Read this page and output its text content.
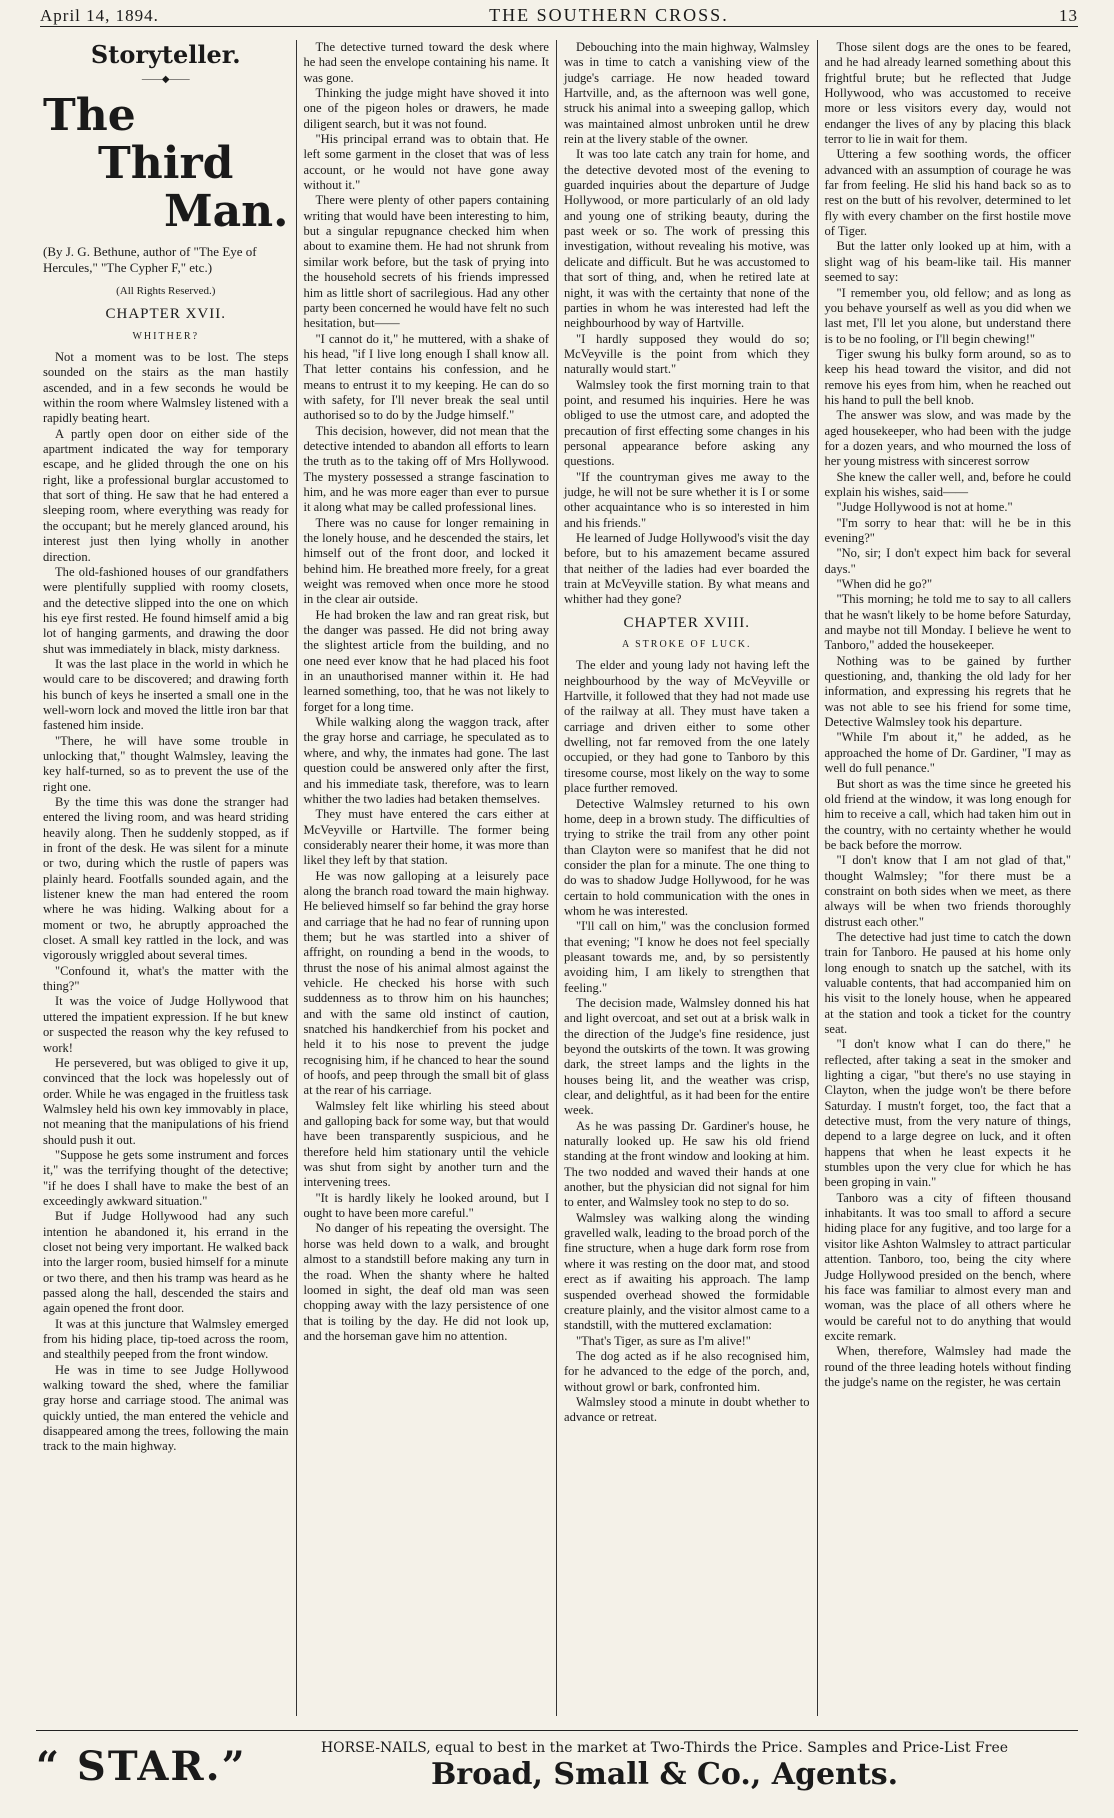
April 14, 1894.	THE SOUTHERN CROSS.	13
Storyteller.
——◆——
The
Third
Man.

(By J. G. Bethune, author of "The Eye of Hercules," "The Cypher F," etc.)

(All Rights Reserved.)
CHAPTER XVII.
WHITHER?

Not a moment was to be lost. The steps sounded on the stairs as the man hastily ascended, and in a few seconds he would be within the room where Walmsley listened with a rapidly beating heart.

A partly open door on either side of the apartment indicated the way for temporary escape, and he glided through the one on his right, like a professional burglar accustomed to that sort of thing. He saw that he had entered a sleeping room, where everything was ready for the occupant; but he merely glanced around, his interest just then lying wholly in another direction.

The old-fashioned houses of our grandfathers were plentifully supplied with roomy closets, and the detective slipped into the one on which his eye first rested. He found himself amid a big lot of hanging garments, and drawing the door shut was immediately in black, misty darkness.

It was the last place in the world in which he would care to be discovered; and drawing forth his bunch of keys he inserted a small one in the well-worn lock and moved the little iron bar that fastened him inside.

"There, he will have some trouble in unlocking that," thought Walmsley, leaving the key half-turned, so as to prevent the use of the right one.

By the time this was done the stranger had entered the living room, and was heard striding heavily along. Then he suddenly stopped, as if in front of the desk. He was silent for a minute or two, during which the rustle of papers was plainly heard. Footfalls sounded again, and the listener knew the man had entered the room where he was hiding. Walking about for a moment or two, he abruptly approached the closet. A small key rattled in the lock, and was vigorously wriggled about several times.

"Confound it, what's the matter with the thing?"

It was the voice of Judge Hollywood that uttered the impatient expression. If he but knew or suspected the reason why the key refused to work!

He persevered, but was obliged to give it up, convinced that the lock was hopelessly out of order. While he was engaged in the fruitless task Walmsley held his own key immovably in place, not meaning that the manipulations of his friend should push it out.

"Suppose he gets some instrument and forces it," was the terrifying thought of the detective; "if he does I shall have to make the best of an exceedingly awkward situation."

But if Judge Hollywood had any such intention he abandoned it, his errand in the closet not being very important. He walked back into the larger room, busied himself for a minute or two there, and then his tramp was heard as he passed along the hall, descended the stairs and again opened the front door.

It was at this juncture that Walmsley emerged from his hiding place, tip-toed across the room, and stealthily peeped from the front window.

He was in time to see Judge Hollywood walking toward the shed, where the familiar gray horse and carriage stood. The animal was quickly untied, the man entered the vehicle and disappeared among the trees, following the main track to the main highway.

The detective turned toward the desk where he had seen the envelope containing his name. It was gone.

Thinking the judge might have shoved it into one of the pigeon holes or drawers, he made diligent search, but it was not found.

"His principal errand was to obtain that. He left some garment in the closet that was of less account, or he would not have gone away without it."

There were plenty of other papers containing writing that would have been interesting to him, but a singular repugnance checked him when about to examine them. He had not shrunk from similar work before, but the task of prying into the household secrets of his friends impressed him as little short of sacrilegious. Had any other party been concerned he would have felt no such hesitation, but——

"I cannot do it," he muttered, with a shake of his head, "if I live long enough I shall know all. That letter contains his confession, and he means to entrust it to my keeping. He can do so with safety, for I'll never break the seal until authorised so to do by the Judge himself."

This decision, however, did not mean that the detective intended to abandon all efforts to learn the truth as to the taking off of Mrs Hollywood. The mystery possessed a strange fascination to him, and he was more eager than ever to pursue it along what may be called professional lines.

There was no cause for longer remaining in the lonely house, and he descended the stairs, let himself out of the front door, and locked it behind him. He breathed more freely, for a great weight was removed when once more he stood in the clear air outside.

He had broken the law and ran great risk, but the danger was passed. He did not bring away the slightest article from the building, and no one need ever know that he had placed his foot in an unauthorised manner within it. He had learned something, too, that he was not likely to forget for a long time.

While walking along the waggon track, after the gray horse and carriage, he speculated as to where, and why, the inmates had gone. The last question could be answered only after the first, and his immediate task, therefore, was to learn whither the two ladies had betaken themselves.

They must have entered the cars either at McVeyville or Hartville. The former being considerably nearer their home, it was more than likel they left by that station.

He was now galloping at a leisurely pace along the branch road toward the main highway. He believed himself so far behind the gray horse and carriage that he had no fear of running upon them; but he was startled into a shiver of affright, on rounding a bend in the woods, to thrust the nose of his animal almost against the vehicle. He checked his horse with such suddenness as to throw him on his haunches; and with the same old instinct of caution, snatched his handkerchief from his pocket and held it to his nose to prevent the judge recognising him, if he chanced to hear the sound of hoofs, and peep through the small bit of glass at the rear of his carriage.

Walmsley felt like whirling his steed about and galloping back for some way, but that would have been transparently suspicious, and he therefore held him stationary until the vehicle was shut from sight by another turn and the intervening trees.

"It is hardly likely he looked around, but I ought to have been more careful."

No danger of his repeating the oversight. The horse was held down to a walk, and brought almost to a standstill before making any turn in the road. When the shanty where he halted loomed in sight, the deaf old man was seen chopping away with the lazy persistence of one that is toiling by the day. He did not look up, and the horseman gave him no attention.

Debouching into the main highway, Walmsley was in time to catch a vanishing view of the judge's carriage. He now headed toward Hartville, and, as the afternoon was well gone, struck his animal into a sweeping gallop, which was maintained almost unbroken until he drew rein at the livery stable of the owner.

It was too late catch any train for home, and the detective devoted most of the evening to guarded inquiries about the departure of Judge Hollywood, or more particularly of an old lady and young one of striking beauty, during the past week or so. The work of pressing this investigation, without revealing his motive, was delicate and difficult. But he was accustomed to that sort of thing, and, when he retired late at night, it was with the certainty that none of the parties in whom he was interested had left the neighbourhood by way of Hartville.

"I hardly supposed they would do so; McVeyville is the point from which they naturally would start."

Walmsley took the first morning train to that point, and resumed his inquiries. Here he was obliged to use the utmost care, and adopted the precaution of first effecting some changes in his personal appearance before asking any questions.

"If the countryman gives me away to the judge, he will not be sure whether it is I or some other acquaintance who is so interested in him and his friends."

He learned of Judge Hollywood's visit the day before, but to his amazement became assured that neither of the ladies had ever boarded the train at McVeyville station. By what means and whither had they gone?

CHAPTER XVIII.
A STROKE OF LUCK.

The elder and young lady not having left the neighbourhood by the way of McVeyville or Hartville, it followed that they had not made use of the railway at all. They must have taken a carriage and driven either to some other dwelling, not far removed from the one lately occupied, or they had gone to Tanboro by this tiresome course, most likely on the way to some place further removed.

Detective Walmsley returned to his own home, deep in a brown study. The difficulties of trying to strike the trail from any other point than Clayton were so manifest that he did not consider the plan for a minute. The one thing to do was to shadow Judge Hollywood, for he was certain to hold communication with the ones in whom he was interested.

"I'll call on him," was the conclusion formed that evening; "I know he does not feel specially pleasant towards me, and, by so persistently avoiding him, I am likely to strengthen that feeling."

The decision made, Walmsley donned his hat and light overcoat, and set out at a brisk walk in the direction of the Judge's fine residence, just beyond the outskirts of the town. It was growing dark, the street lamps and the lights in the houses being lit, and the weather was crisp, clear, and delightful, as it had been for the entire week.

As he was passing Dr. Gardiner's house, he naturally looked up. He saw his old friend standing at the front window and looking at him. The two nodded and waved their hands at one another, but the physician did not signal for him to enter, and Walmsley took no step to do so.

Walmsley was walking along the winding gravelled walk, leading to the broad porch of the fine structure, when a huge dark form rose from where it was resting on the door mat, and stood erect as if awaiting his approach. The lamp suspended overhead showed the formidable creature plainly, and the visitor almost came to a standstill, with the muttered exclamation:

"That's Tiger, as sure as I'm alive!"

The dog acted as if he also recognised him, for he advanced to the edge of the porch, and, without growl or bark, confronted him.

Walmsley stood a minute in doubt whether to advance or retreat.

Those silent dogs are the ones to be feared, and he had already learned something about this frightful brute; but he reflected that Judge Hollywood, who was accustomed to receive more or less visitors every day, would not endanger the lives of any by placing this black terror to lie in wait for them.

Uttering a few soothing words, the officer advanced with an assumption of courage he was far from feeling. He slid his hand back so as to rest on the butt of his revolver, determined to let fly with every chamber on the first hostile move of Tiger.

But the latter only looked up at him, with a slight wag of his beam-like tail. His manner seemed to say:

"I remember you, old fellow; and as long as you behave yourself as well as you did when we last met, I'll let you alone, but understand there is to be no fooling, or I'll begin chewing!"

Tiger swung his bulky form around, so as to keep his head toward the visitor, and did not remove his eyes from him, when he reached out his hand to pull the bell knob.

The answer was slow, and was made by the aged housekeeper, who had been with the judge for a dozen years, and who mourned the loss of her young mistress with sincerest sorrow

She knew the caller well, and, before he could explain his wishes, said——

"Judge Hollywood is not at home."

"I'm sorry to hear that: will he be in this evening?"

"No, sir; I don't expect him back for several days."

"When did he go?"

"This morning; he told me to say to all callers that he wasn't likely to be home before Saturday, and maybe not till Monday. I believe he went to Tanboro," added the housekeeper.

Nothing was to be gained by further questioning, and, thanking the old lady for her information, and expressing his regrets that he was not able to see his friend for some time, Detective Walmsley took his departure.

"While I'm about it," he added, as he approached the home of Dr. Gardiner, "I may as well do full penance."

But short as was the time since he greeted his old friend at the window, it was long enough for him to receive a call, which had taken him out in the country, with no certainty whether he would be back before the morrow.

"I don't know that I am not glad of that," thought Walmsley; "for there must be a constraint on both sides when we meet, as there always will be when two friends thoroughly distrust each other."

The detective had just time to catch the down train for Tanboro. He paused at his home only long enough to snatch up the satchel, with its valuable contents, that had accompanied him on his visit to the lonely house, when he appeared at the station and took a ticket for the country seat.

"I don't know what I can do there," he reflected, after taking a seat in the smoker and lighting a cigar, "but there's no use staying in Clayton, when the judge won't be there before Saturday. I mustn't forget, too, the fact that a detective must, from the very nature of things, depend to a large degree on luck, and it often happens that when he least expects it he stumbles upon the very clue for which he has been groping in vain."

Tanboro was a city of fifteen thousand inhabitants. It was too small to afford a secure hiding place for any fugitive, and too large for a visitor like Ashton Walmsley to attract particular attention. Tanboro, too, being the city where Judge Hollywood presided on the bench, where his face was familiar to almost every man and woman, was the place of all others where he would be careful not to do anything that would excite remark.

When, therefore, Walmsley had made the round of the three leading hotels without finding the judge's name on the register, he was certain

“ STAR.”	HORSE-NAILS, equal to best in the market at Two-Thirds the Price. Samples and Price-List Free
Broad, Small & Co., Agents.
